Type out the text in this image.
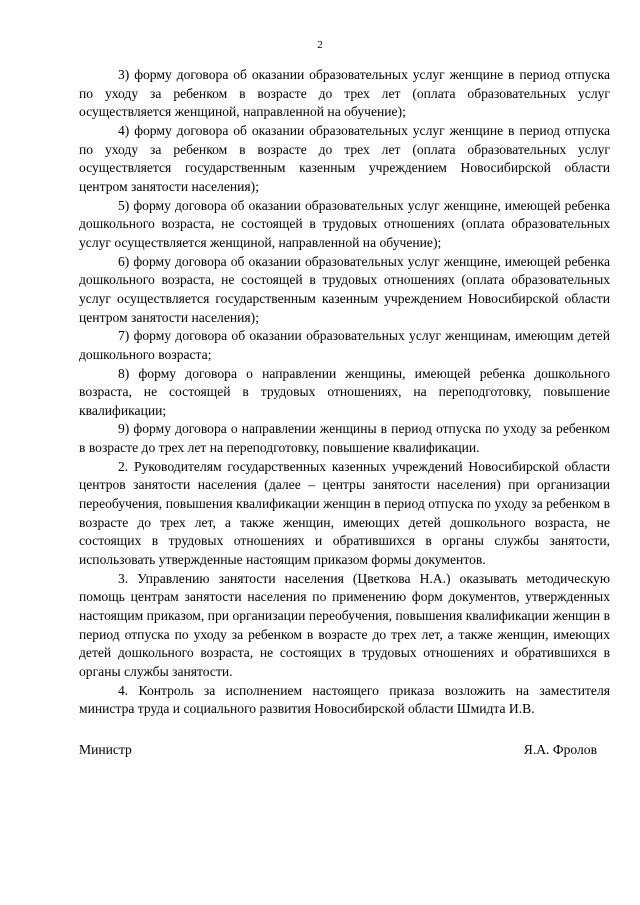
2

3) форму договора об оказании образовательных услуг женщине в период отпуска по уходу за ребенком в возрасте до трех лет (оплата образовательных услуг осуществляется женщиной, направленной на обучение);

4) форму договора об оказании образовательных услуг женщине в период отпуска по уходу за ребенком в возрасте до трех лет (оплата образовательных услуг осуществляется государственным казенным учреждением Новосибирской области центром занятости населения);

5) форму договора об оказании образовательных услуг женщине, имеющей ребенка дошкольного возраста, не состоящей в трудовых отношениях (оплата образовательных услуг осуществляется женщиной, направленной на обучение);

6) форму договора об оказании образовательных услуг женщине, имеющей ребенка дошкольного возраста, не состоящей в трудовых отношениях (оплата образовательных услуг осуществляется государственным казенным учреждением Новосибирской области центром занятости населения);

7) форму договора об оказании образовательных услуг женщинам, имеющим детей дошкольного возраста;

8) форму договора о направлении женщины, имеющей ребенка дошкольного возраста, не состоящей в трудовых отношениях, на переподготовку, повышение квалификации;

9) форму договора о направлении женщины в период отпуска по уходу за ребенком в возрасте до трех лет на переподготовку, повышение квалификации.

2. Руководителям государственных казенных учреждений Новосибирской области центров занятости населения (далее – центры занятости населения) при организации переобучения, повышения квалификации женщин в период отпуска по уходу за ребенком в возрасте до трех лет, а также женщин, имеющих детей дошкольного возраста, не состоящих в трудовых отношениях и обратившихся в органы службы занятости, использовать утвержденные настоящим приказом формы документов.

3. Управлению занятости населения (Цветкова Н.А.) оказывать методическую помощь центрам занятости населения по применению форм документов, утвержденных настоящим приказом, при организации переобучения, повышения квалификации женщин в период отпуска по уходу за ребенком в возрасте до трех лет, а также женщин, имеющих детей дошкольного возраста, не состоящих в трудовых отношениях и обратившихся в органы службы занятости.

4. Контроль за исполнением настоящего приказа возложить на заместителя министра труда и социального развития Новосибирской области Шмидта И.В.

Министр	Я.А. Фролов
